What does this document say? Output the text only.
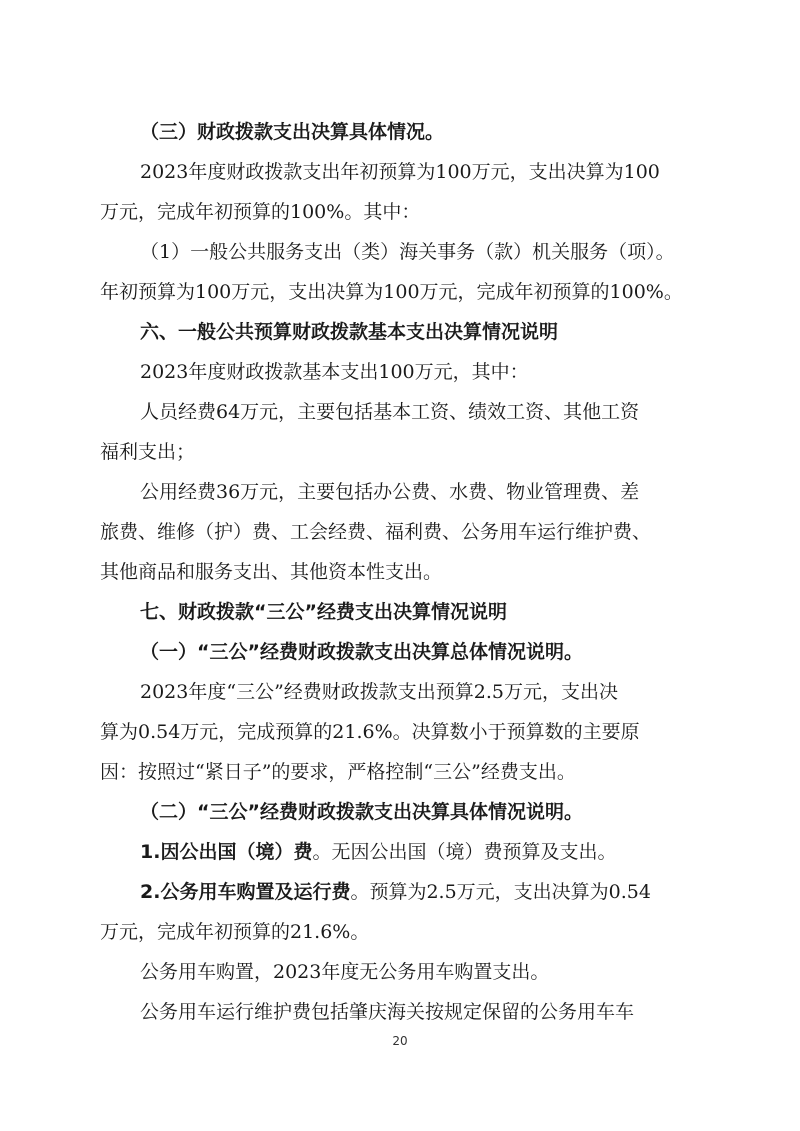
（三）财政拨款支出决算具体情况。
2023年度财政拨款支出年初预算为100万元，支出决算为100
万元，完成年初预算的100%。其中：
（1）一般公共服务支出（类）海关事务（款）机关服务（项）。
年初预算为100万元，支出决算为100万元，完成年初预算的100%。
六、一般公共预算财政拨款基本支出决算情况说明
2023年度财政拨款基本支出100万元，其中：
人员经费64万元，主要包括基本工资、绩效工资、其他工资
福利支出；
公用经费36万元，主要包括办公费、水费、物业管理费、差
旅费、维修（护）费、工会经费、福利费、公务用车运行维护费、
其他商品和服务支出、其他资本性支出。
七、财政拨款“三公”经费支出决算情况说明
（一）“三公”经费财政拨款支出决算总体情况说明。
2023年度“三公”经费财政拨款支出预算2.5万元，支出决
算为0.54万元，完成预算的21.6%。决算数小于预算数的主要原
因：按照过“紧日子”的要求，严格控制“三公”经费支出。
（二）“三公”经费财政拨款支出决算具体情况说明。
1.因公出国（境）费。无因公出国（境）费预算及支出。
2.公务用车购置及运行费。预算为2.5万元，支出决算为0.54
万元，完成年初预算的21.6%。
公务用车购置，2023年度无公务用车购置支出。
公务用车运行维护费包括肇庆海关按规定保留的公务用车车
20
